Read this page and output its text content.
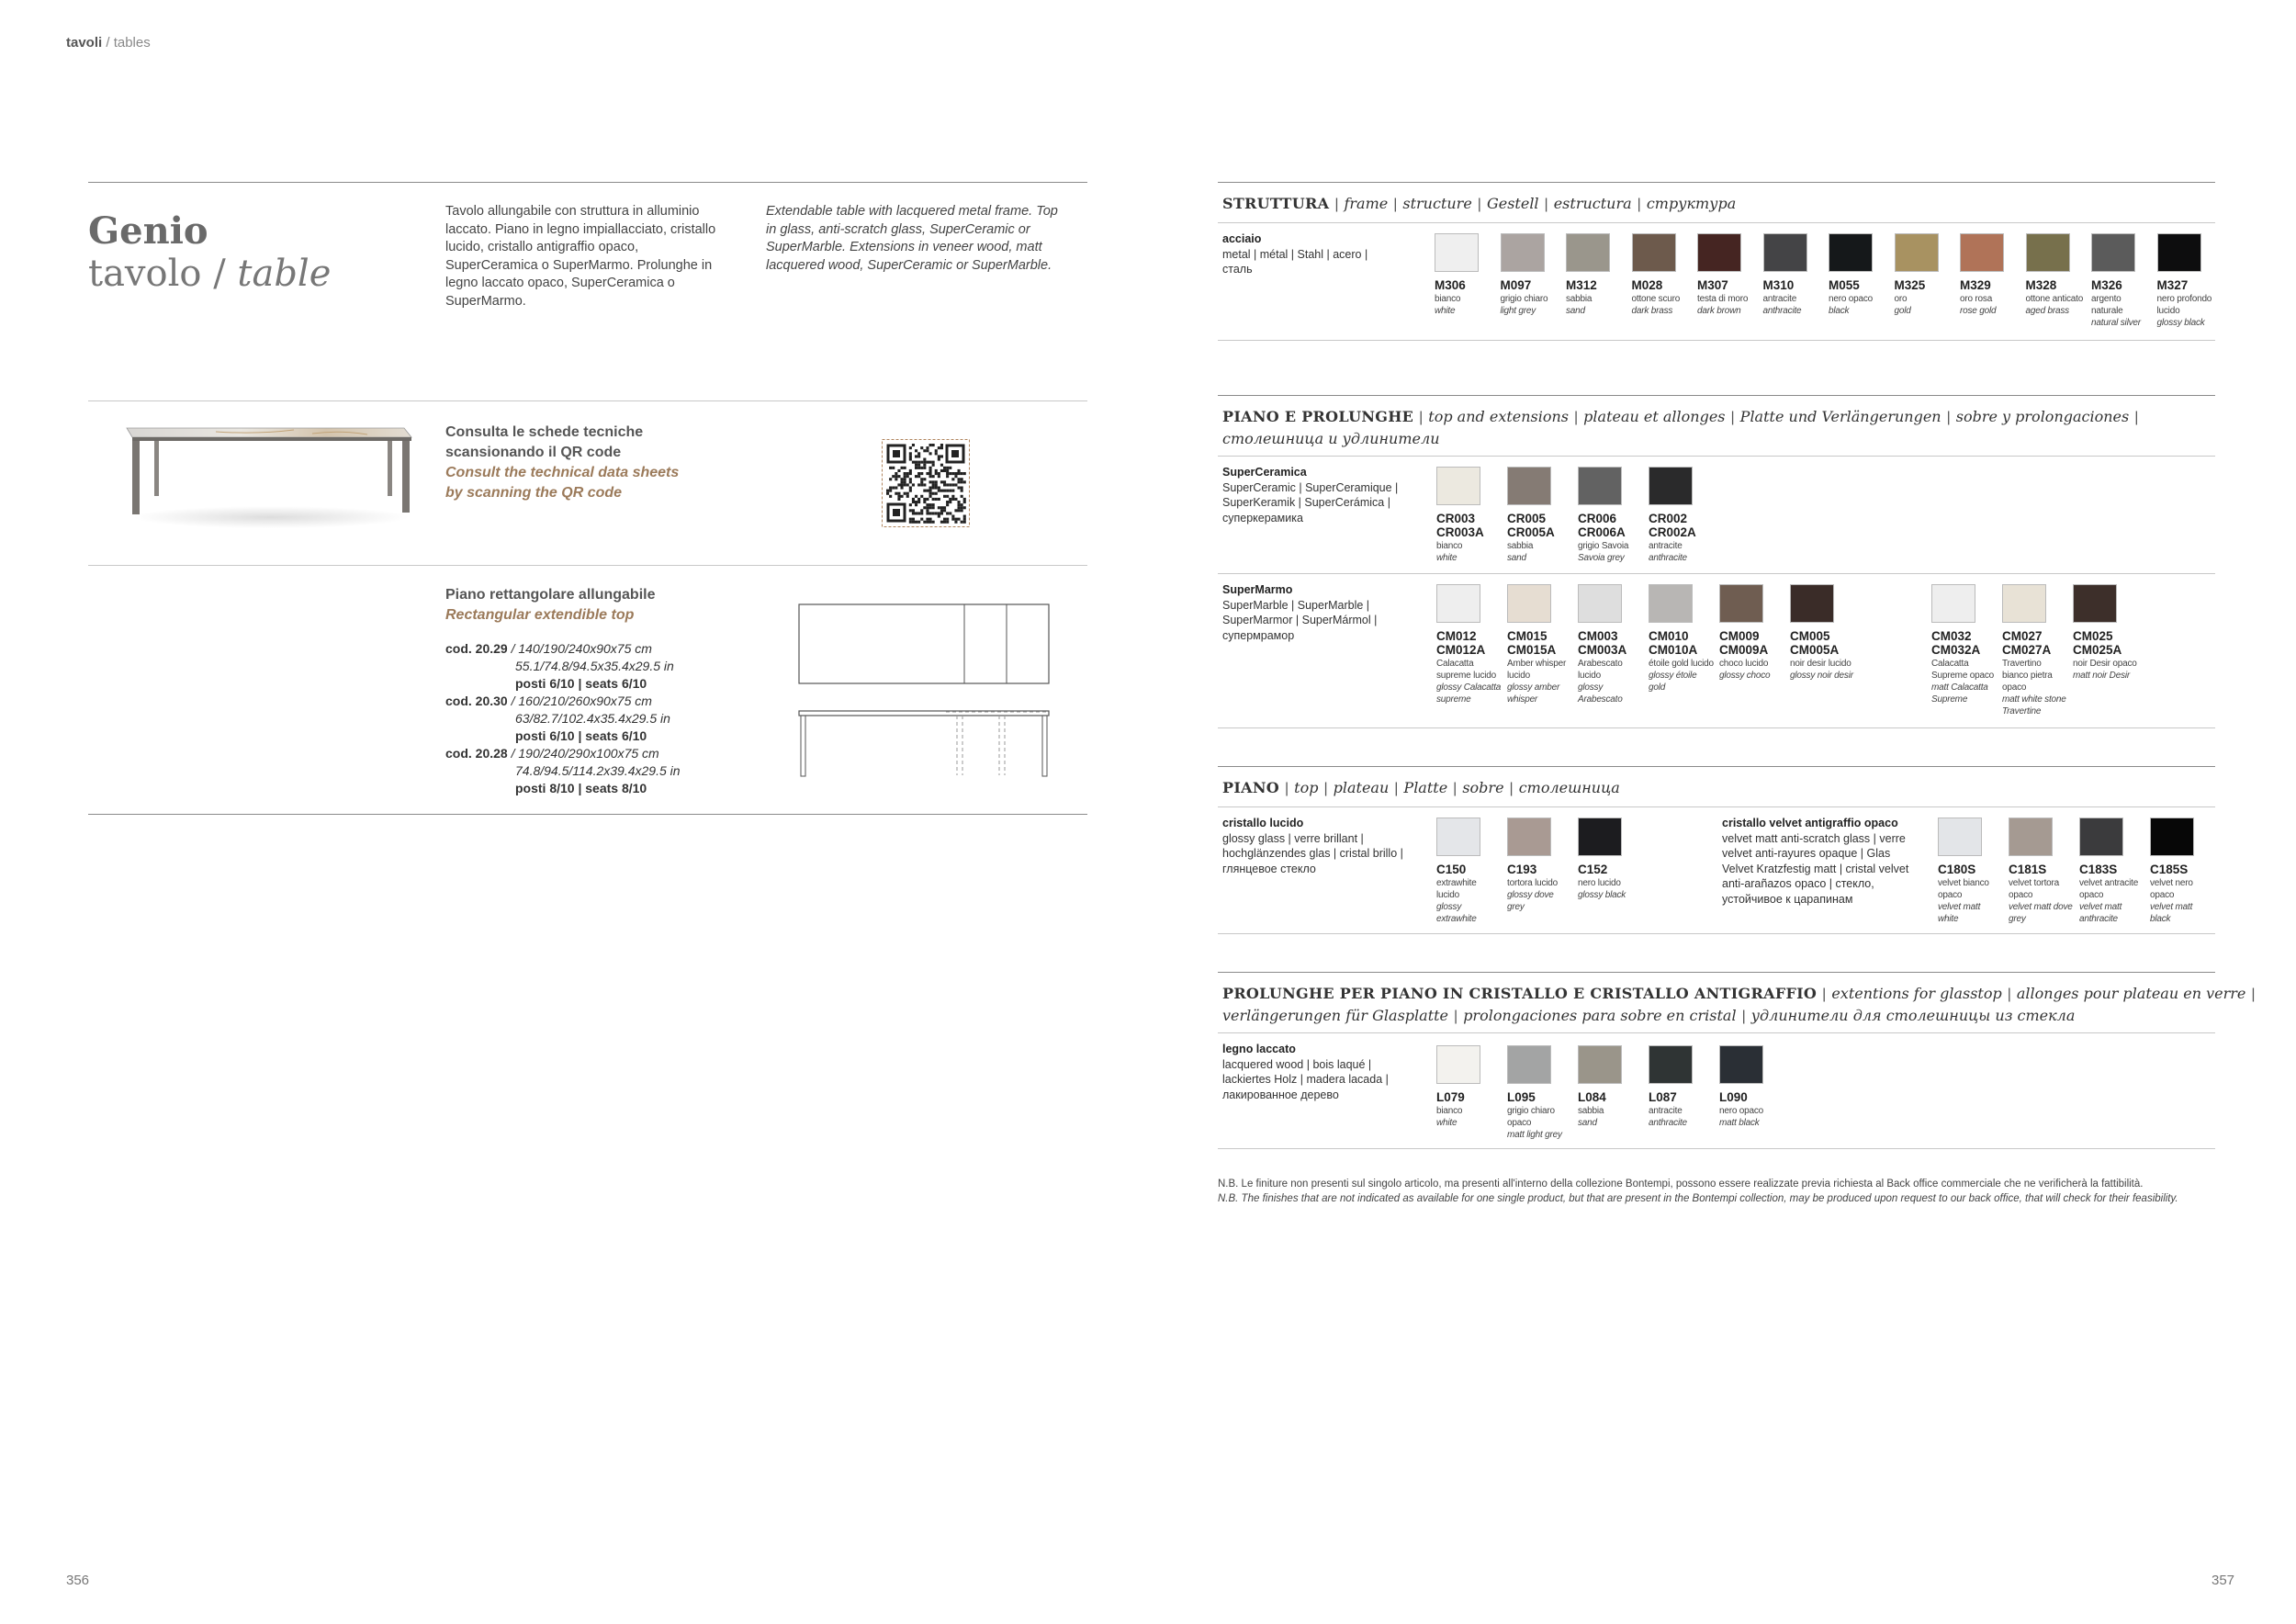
tavoli / tables
Genio
tavolo / table
Tavolo allungabile con struttura in alluminio laccato. Piano in legno impiallacciato, cristallo lucido, cristallo antigraffio opaco, SuperCeramica o SuperMarmo. Prolunghe in legno laccato opaco, SuperCeramica o SuperMarmo.
Extendable table with lacquered metal frame. Top in glass, anti-scratch glass, SuperCeramic or SuperMarble. Extensions in veneer wood, matt lacquered wood, SuperCeramic or SuperMarble.
Consulta le schede tecniche
scansionando il QR code
Consult the technical data sheets
by scanning the QR code
Piano rettangolare allungabile
Rectangular extendible top
cod. 20.29 / 140/190/240x90x75 cm
55.1/74.8/94.5x35.4x29.5 in
posti 6/10 | seats 6/10
cod. 20.30 / 160/210/260x90x75 cm
63/82.7/102.4x35.4x29.5 in
posti 6/10 | seats 6/10
cod. 20.28 / 190/240/290x100x75 cm
74.8/94.5/114.2x39.4x29.5 in
posti 8/10 | seats 8/10
356
STRUTTURA | frame | structure | Gestell | estructura | структура
acciaio
metal | métal | Stahl | acero | сталь
PIANO E PROLUNGHE | top and extensions | plateau et allonges | Platte und Verlängerungen | sobre y prolongaciones |
столешница и удлинители
SuperCeramica
SuperCeramic | SuperCeramique | SuperKeramik | SuperCerámica | суперкерамика
SuperMarmo
SuperMarble | SuperMarble | SuperMarmor | SuperMármol | супермрамор
PIANO | top | plateau | Platte | sobre | столешница
cristallo lucido
glossy glass | verre brillant | hochglänzendes glas | cristal brillo | глянцевое стекло
cristallo velvet antigraffio opaco
velvet matt anti-scratch glass | verre velvet anti-rayures opaque | Glas Velvet Kratzfestig matt | cristal velvet anti-arañazos opaco | стекло, устойчивое к царапинам
PROLUNGHE PER PIANO IN CRISTALLO E CRISTALLO ANTIGRAFFIO | extentions for glasstop | allonges pour plateau en verre |
verlängerungen für Glasplatte | prolongaciones para sobre en cristal | удлинители для столешницы из стекла
legno laccato
lacquered wood | bois laqué | lackiertes Holz | madera lacada | лакированное дерево
N.B. Le finiture non presenti sul singolo articolo, ma presenti all'interno della collezione Bontempi, possono essere realizzate previa richiesta al Back office commerciale che ne verificherà la fattibilità.
N.B. The finishes that are not indicated as available for one single product, but that are present in the Bontempi collection, may be produced upon request to our back office, that will check for their feasibility.
357
M306
bianco
white
M097
grigio chiaro
light grey
M312
sabbia
sand
M028
ottone scuro
dark brass
M307
testa di moro
dark brown
M310
antracite
anthracite
M055
nero opaco
black
M325
oro
gold
M329
oro rosa
rose gold
M328
ottone anticato
aged brass
M326
argento naturale
natural silver
M327
nero profondo lucido
glossy black
CR003
CR003A
bianco
white
CR005
CR005A
sabbia
sand
CR006
CR006A
grigio Savoia
Savoia grey
CR002
CR002A
antracite
anthracite
CM012
CM012A
Calacatta supreme lucido
glossy Calacatta supreme
CM015
CM015A
Amber whisper lucido
glossy amber whisper
CM003
CM003A
Arabescato lucido
glossy Arabescato
CM010
CM010A
étoile gold lucido
glossy étoile gold
CM009
CM009A
choco lucido
glossy choco
CM005
CM005A
noir desir lucido
glossy noir desir
CM032
CM032A
Calacatta Supreme opaco
matt Calacatta Supreme
CM027
CM027A
Travertino bianco pietra opaco
matt white stone Travertine
CM025
CM025A
noir Desir opaco
matt noir Desir
C150
extrawhite lucido
glossy extrawhite
C193
tortora lucido
glossy dove grey
C152
nero lucido
glossy black
C180S
velvet bianco opaco
velvet matt white
C181S
velvet tortora opaco
velvet matt dove grey
C183S
velvet antracite opaco
velvet matt anthracite
C185S
velvet nero opaco
velvet matt black
L079
bianco
white
L095
grigio chiaro opaco
matt light grey
L084
sabbia
sand
L087
antracite
anthracite
L090
nero opaco
matt black
